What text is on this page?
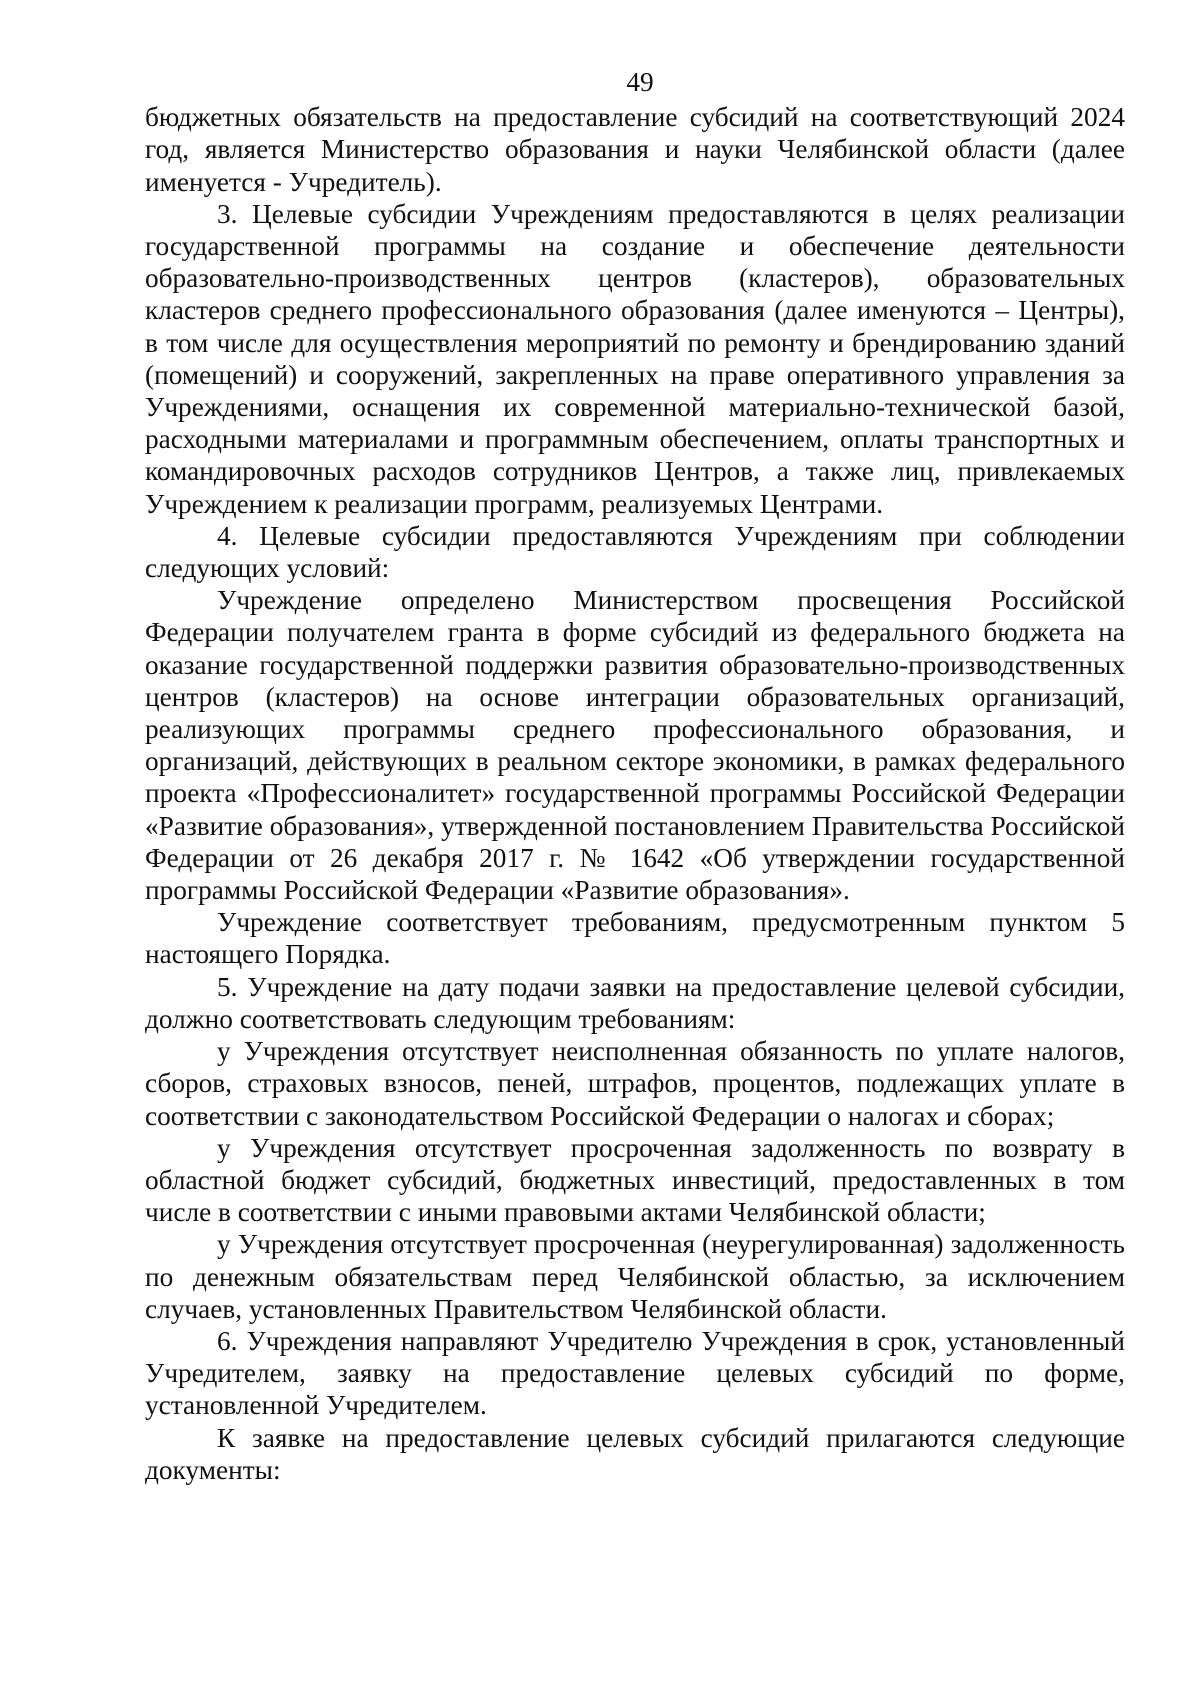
49

бюджетных обязательств на предоставление субсидий на соответствующий 2024 год, является Министерство образования и науки Челябинской области (далее именуется - Учредитель).

3. Целевые субсидии Учреждениям предоставляются в целях реализации государственной программы на создание и обеспечение деятельности образовательно-производственных центров (кластеров), образовательных кластеров среднего профессионального образования (далее именуются – Центры), в том числе для осуществления мероприятий по ремонту и брендированию зданий (помещений) и сооружений, закрепленных на праве оперативного управления за Учреждениями, оснащения их современной материально-технической базой, расходными материалами и программным обеспечением, оплаты транспортных и командировочных расходов сотрудников Центров, а также лиц, привлекаемых Учреждением к реализации программ, реализуемых Центрами.

4. Целевые субсидии предоставляются Учреждениям при соблюдении следующих условий:

Учреждение определено Министерством просвещения Российской Федерации получателем гранта в форме субсидий из федерального бюджета на оказание государственной поддержки развития образовательно-производственных центров (кластеров) на основе интеграции образовательных организаций, реализующих программы среднего профессионального образования, и организаций, действующих в реальном секторе экономики, в рамках федерального проекта «Профессионалитет» государственной программы Российской Федерации «Развитие образования», утвержденной постановлением Правительства Российской Федерации от 26 декабря 2017 г. № 1642 «Об утверждении государственной программы Российской Федерации «Развитие образования».

Учреждение соответствует требованиям, предусмотренным пунктом 5 настоящего Порядка.

5. Учреждение на дату подачи заявки на предоставление целевой субсидии, должно соответствовать следующим требованиям:

у Учреждения отсутствует неисполненная обязанность по уплате налогов, сборов, страховых взносов, пеней, штрафов, процентов, подлежащих уплате в соответствии с законодательством Российской Федерации о налогах и сборах;

у Учреждения отсутствует просроченная задолженность по возврату в областной бюджет субсидий, бюджетных инвестиций, предоставленных в том числе в соответствии с иными правовыми актами Челябинской области;

у Учреждения отсутствует просроченная (неурегулированная) задолженность по денежным обязательствам перед Челябинской областью, за исключением случаев, установленных Правительством Челябинской области.

6. Учреждения направляют Учредителю Учреждения в срок, установленный Учредителем, заявку на предоставление целевых субсидий по форме, установленной Учредителем.

К заявке на предоставление целевых субсидий прилагаются следующие документы:
